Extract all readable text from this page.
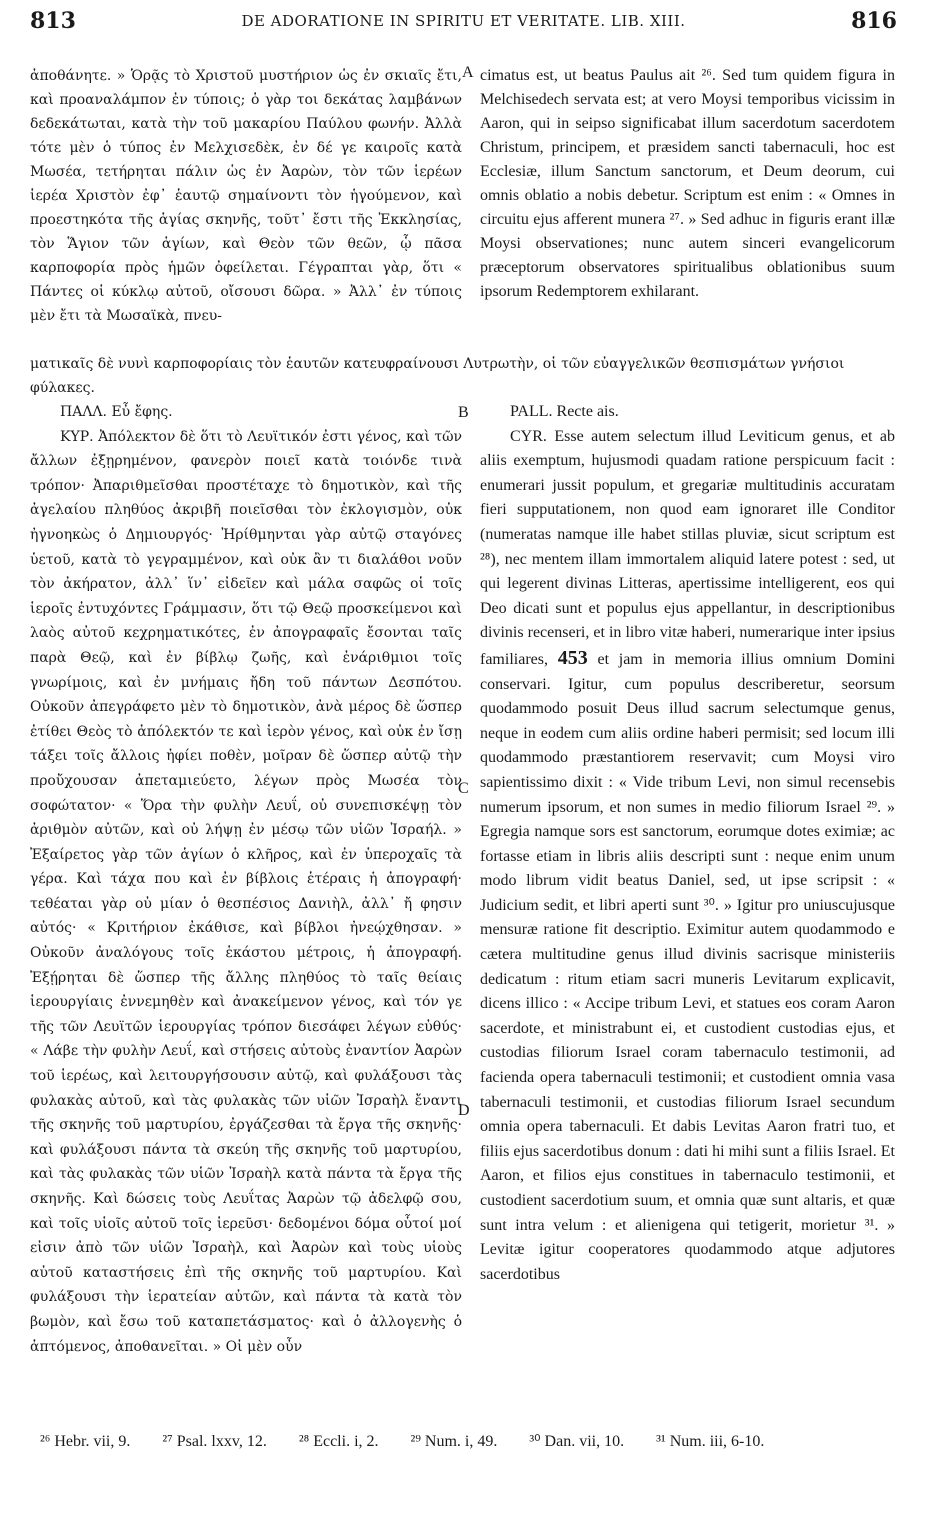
813	DE ADORATIONE IN SPIRITU ET VERITATE. LIB. XIII.	816

ἀποθάνητε. » Ὁρᾷς τὸ Χριστοῦ μυστήριον ὡς ἐν σκιαῖς ἔτι, καὶ προαναλάμπον ἐν τύποις; ὁ γὰρ τοι δεκάτας λαμβάνων δεδεκάτωται, κατὰ τὴν τοῦ μακαρίου Παύλου φωνήν. Ἀλλὰ τότε μὲν ὁ τύπος ἐν Μελχισεδὲκ, ἐν δέ γε καιροῖς κατὰ Μωσέα, τετήρηται πάλιν ὡς ἐν Ἀαρὼν, τὸν τῶν ἱερέων ἱερέα Χριστὸν ἐφ᾽ ἑαυτῷ σημαίνοντι τὸν ἡγούμενον, καὶ προεστηκότα τῆς ἁγίας σκηνῆς, τοῦτ᾽ ἔστι τῆς Ἐκκλησίας, τὸν Ἅγιον τῶν ἁγίων, καὶ Θεὸν τῶν θεῶν, ᾧ πᾶσα καρποφορία πρὸς ἡμῶν ὀφείλεται. Γέγραπται γὰρ, ὅτι « Πάντες οἱ κύκλῳ αὐτοῦ, οἴσουσι δῶρα. » Ἀλλ᾽ ἐν τύποις μὲν ἔτι τὰ Μωσαϊκὰ, πνευ-

cimatus est, ut beatus Paulus ait ²⁶. Sed tum quidem figura in Melchisedech servata est; at vero Moysi temporibus vicissim in Aaron, qui in seipso significabat illum sacerdotum sacerdotem Christum, principem, et præsidem sancti tabernaculi, hoc est Ecclesiæ, illum Sanctum sanctorum, et Deum deorum, cui omnis oblatio a nobis debetur. Scriptum est enim : « Omnes in circuitu ejus afferent munera ²⁷. » Sed adhuc in figuris erant illæ Moysi observationes; nunc autem sinceri evangelicorum præceptorum observatores spiritualibus oblationibus suum ipsorum Redemptorem exhilarant.

A
ματικαῖς δὲ νυνὶ καρποφορίαις τὸν ἑαυτῶν κατευφραίνουσι Λυτρωτὴν, οἱ τῶν εὐαγγελικῶν θεσπισμάτων γνήσιοι φύλακες.
B

ΠΑΛΛ. Εὖ ἔφης.

ΚΥΡ. Ἀπόλεκτον δὲ ὅτι τὸ Λευϊτικόν ἐστι γένος, καὶ τῶν ἄλλων ἐξῃρημένον, φανερὸν ποιεῖ κατὰ τοιόνδε τινὰ τρόπον· Ἀπαριθμεῖσθαι προστέταχε τὸ δημοτικὸν, καὶ τῆς ἀγελαίου πληθύος ἀκριβῆ ποιεῖσθαι τὸν ἐκλογισμὸν, οὐκ ἠγνοηκὼς ὁ Δημιουργός· Ἠρίθμηνται γὰρ αὐτῷ σταγόνες ὑετοῦ, κατὰ τὸ γεγραμμένον, καὶ οὐκ ἂν τι διαλάθοι νοῦν τὸν ἀκήρατον, ἀλλ᾽ ἵν᾽ εἰδεῖεν καὶ μάλα σαφῶς οἱ τοῖς ἱεροῖς ἐντυχόντες Γράμμασιν, ὅτι τῷ Θεῷ προσκείμενοι καὶ λαὸς αὐτοῦ κεχρηματικότες, ἐν ἀπογραφαῖς ἔσονται ταῖς παρὰ Θεῷ, καὶ ἐν βίβλῳ ζωῆς, καὶ ἐνάριθμιοι τοῖς γνωρίμοις, καὶ ἐν μνήμαις ἤδη τοῦ πάντων Δεσπότου. Οὐκοῦν ἀπεγράφετο μὲν τὸ δημοτικὸν, ἀνὰ μέρος δὲ ὥσπερ ἐτίθει Θεὸς τὸ ἀπόλεκτόν τε καὶ ἱερὸν γένος, καὶ οὐκ ἐν ἴσῃ τάξει τοῖς ἄλλοις ἠφίει ποθὲν, μοῖραν δὲ ὥσπερ αὐτῷ τὴν προὔχουσαν ἀπεταμιεύετο, λέγων πρὸς Μωσέα τὸν σοφώτατον· « Ὅρα τὴν φυλὴν Λευΐ, οὐ συνεπισκέψῃ τὸν ἀριθμὸν αὐτῶν, καὶ οὐ λήψῃ ἐν μέσῳ τῶν υἱῶν Ἰσραήλ. » Ἐξαίρετος γὰρ τῶν ἁγίων ὁ κλῆρος, καὶ ἐν ὑπεροχαῖς τὰ γέρα. Καὶ τάχα που καὶ ἐν βίβλοις ἑτέραις ἡ ἀπογραφή· τεθέαται γὰρ οὐ μίαν ὁ θεσπέσιος Δανιὴλ, ἀλλ᾽ ἤ φησιν αὐτός· « Κριτήριον ἐκάθισε, καὶ βίβλοι ἠνεῴχθησαν. » Οὐκοῦν ἀναλόγους τοῖς ἑκάστου μέτροις, ἡ ἀπογραφή. Ἐξῄρηται δὲ ὥσπερ τῆς ἄλλης πληθύος τὸ ταῖς θείαις ἱερουργίαις ἐννεμηθὲν καὶ ἀνακείμενον γένος, καὶ τόν γε τῆς τῶν Λευϊτῶν ἱερουργίας τρόπον διεσάφει λέγων εὐθύς· « Λάβε τὴν φυλὴν Λευΐ, καὶ στήσεις αὐτοὺς ἐναντίον Ἀαρὼν τοῦ ἱερέως, καὶ λειτουργήσουσιν αὐτῷ, καὶ φυλάξουσι τὰς φυλακὰς αὐτοῦ, καὶ τὰς φυλακὰς τῶν υἱῶν Ἰσραὴλ ἔναντι τῆς σκηνῆς τοῦ μαρτυρίου, ἐργάζεσθαι τὰ ἔργα τῆς σκηνῆς· καὶ φυλάξουσι πάντα τὰ σκεύη τῆς σκηνῆς τοῦ μαρτυρίου, καὶ τὰς φυλακὰς τῶν υἱῶν Ἰσραὴλ κατὰ πάντα τὰ ἔργα τῆς σκηνῆς. Καὶ δώσεις τοὺς Λευΐτας Ἀαρὼν τῷ ἀδελφῷ σου, καὶ τοῖς υἱοῖς αὐτοῦ τοῖς ἱερεῦσι· δεδομένοι δόμα οὗτοί μοί εἰσιν ἀπὸ τῶν υἱῶν Ἰσραὴλ, καὶ Ἀαρὼν καὶ τοὺς υἱοὺς αὐτοῦ καταστήσεις ἐπὶ τῆς σκηνῆς τοῦ μαρτυρίου. Καὶ φυλάξουσι τὴν ἱερατείαν αὐτῶν, καὶ πάντα τὰ κατὰ τὸν βωμὸν, καὶ ἔσω τοῦ καταπετάσματος· καὶ ὁ ἀλλογενὴς ὁ ἁπτόμενος, ἀποθανεῖται. » Οἱ μὲν οὖν

C
D

PALL. Recte ais.

CYR. Esse autem selectum illud Leviticum genus, et ab aliis exemptum, hujusmodi quadam ratione perspicuum facit : enumerari jussit populum, et gregariæ multitudinis accuratam fieri supputationem, non quod eam ignoraret ille Conditor (numeratas namque ille habet stillas pluviæ, sicut scriptum est ²⁸), nec mentem illam immortalem aliquid latere potest : sed, ut qui legerent divinas Litteras, apertissime intelligerent, eos qui Deo dicati sunt et populus ejus appellantur, in descriptionibus divinis recenseri, et in libro vitæ haberi, numerarique inter ipsius familiares, 453 et jam in memoria illius omnium Domini conservari. Igitur, cum populus describeretur, seorsum quodammodo posuit Deus illud sacrum selectumque genus, neque in eodem cum aliis ordine haberi permisit; sed locum illi quodammodo præstantiorem reservavit; cum Moysi viro sapientissimo dixit : « Vide tribum Levi, non simul recensebis numerum ipsorum, et non sumes in medio filiorum Israel ²⁹. » Egregia namque sors est sanctorum, eorumque dotes eximiæ; ac fortasse etiam in libris aliis descripti sunt : neque enim unum modo librum vidit beatus Daniel, sed, ut ipse scripsit : « Judicium sedit, et libri aperti sunt ³⁰. » Igitur pro uniuscujusque mensuræ ratione fit descriptio. Eximitur autem quodammodo e cætera multitudine genus illud divinis sacrisque ministeriis dedicatum : ritum etiam sacri muneris Levitarum explicavit, dicens illico : « Accipe tribum Levi, et statues eos coram Aaron sacerdote, et ministrabunt ei, et custodient custodias ejus, et custodias filiorum Israel coram tabernaculo testimonii, ad facienda opera tabernaculi testimonii; et custodient omnia vasa tabernaculi testimonii, et custodias filiorum Israel secundum omnia opera tabernaculi. Et dabis Levitas Aaron fratri tuo, et filiis ejus sacerdotibus donum : dati hi mihi sunt a filiis Israel. Et Aaron, et filios ejus constitues in tabernaculo testimonii, et custodient sacerdotium suum, et omnia quæ sunt altaris, et quæ sunt intra velum : et alienigena qui tetigerit, morietur ³¹. » Levitæ igitur cooperatores quodammodo atque adjutores sacerdotibus

²⁶ Hebr. vii, 9. ²⁷ Psal. lxxv, 12. ²⁸ Eccli. i, 2. ²⁹ Num. i, 49. ³⁰ Dan. vii, 10. ³¹ Num. iii, 6-10.
